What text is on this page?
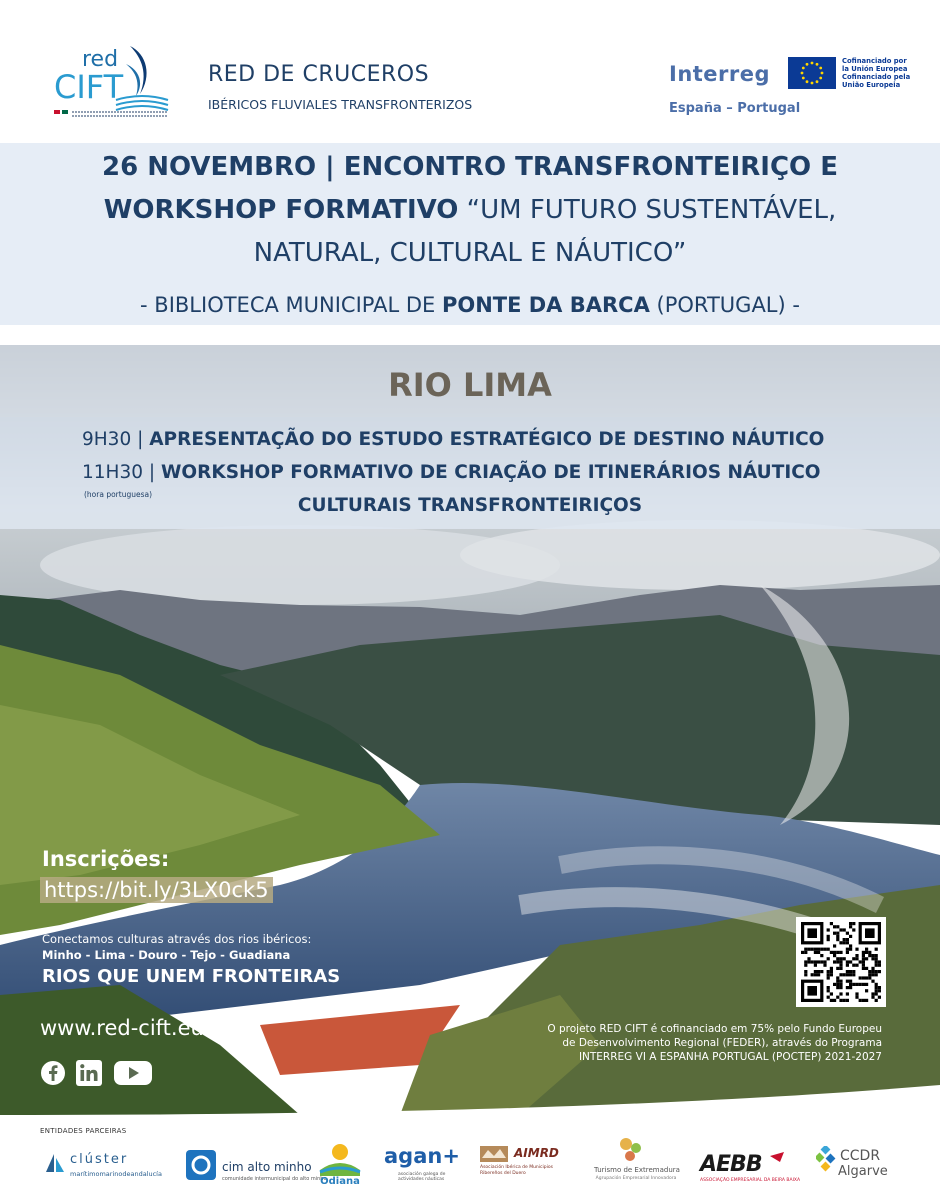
red
CIFT	RED DE CRUCEROS
IBÉRICOS FLUVIALES TRANSFRONTERIZOS
Interreg
Cofinanciado por
la Unión Europea
Cofinanciado pela
União Europeia
España – Portugal
26 NOVEMBRO | ENCONTRO TRANSFRONTEIRIÇO E
WORKSHOP FORMATIVO “UM FUTURO SUSTENTÁVEL,
NATURAL, CULTURAL E NÁUTICO”
- BIBLIOTECA MUNICIPAL DE PONTE DA BARCA (PORTUGAL) -
RIO LIMA
9H30 | APRESENTAÇÃO DO ESTUDO ESTRATÉGICO DE DESTINO NÁUTICO
11H30 | WORKSHOP FORMATIVO DE CRIAÇÃO DE ITINERÁRIOS NÁUTICO
(hora portuguesa)
CULTURAIS TRANSFRONTEIRIÇOS
Inscrições:
https://bit.ly/3LX0ck5
Conectamos culturas através dos rios ibéricos:
Minho - Lima - Douro - Tejo - Guadiana
RIOS QUE UNEM FRONTEIRAS
www.red-cift.eu	O projeto RED CIFT é cofinanciado em 75% pelo Fundo Europeu
de Desenvolvimento Regional (FEDER), através do Programa
INTERREG VI A ESPANHA PORTUGAL (POCTEP) 2021-2027
ENTIDADES PARCEIRAS
clúster
marítimomarinodeandalucía	cim alto minho
comunidade intermunicipal do alto minho
Odiana
agan+
asociación galega de actividades náuticas
AIMRD
Asociación Ibérica de Municipios Ribereños del Duero	Turismo de Extremadura
Agrupación Empresarial Innovadora
AEBB
ASSOCIAÇÃO EMPRESARIAL DA BEIRA BAIXA
CCDR
Algarve
